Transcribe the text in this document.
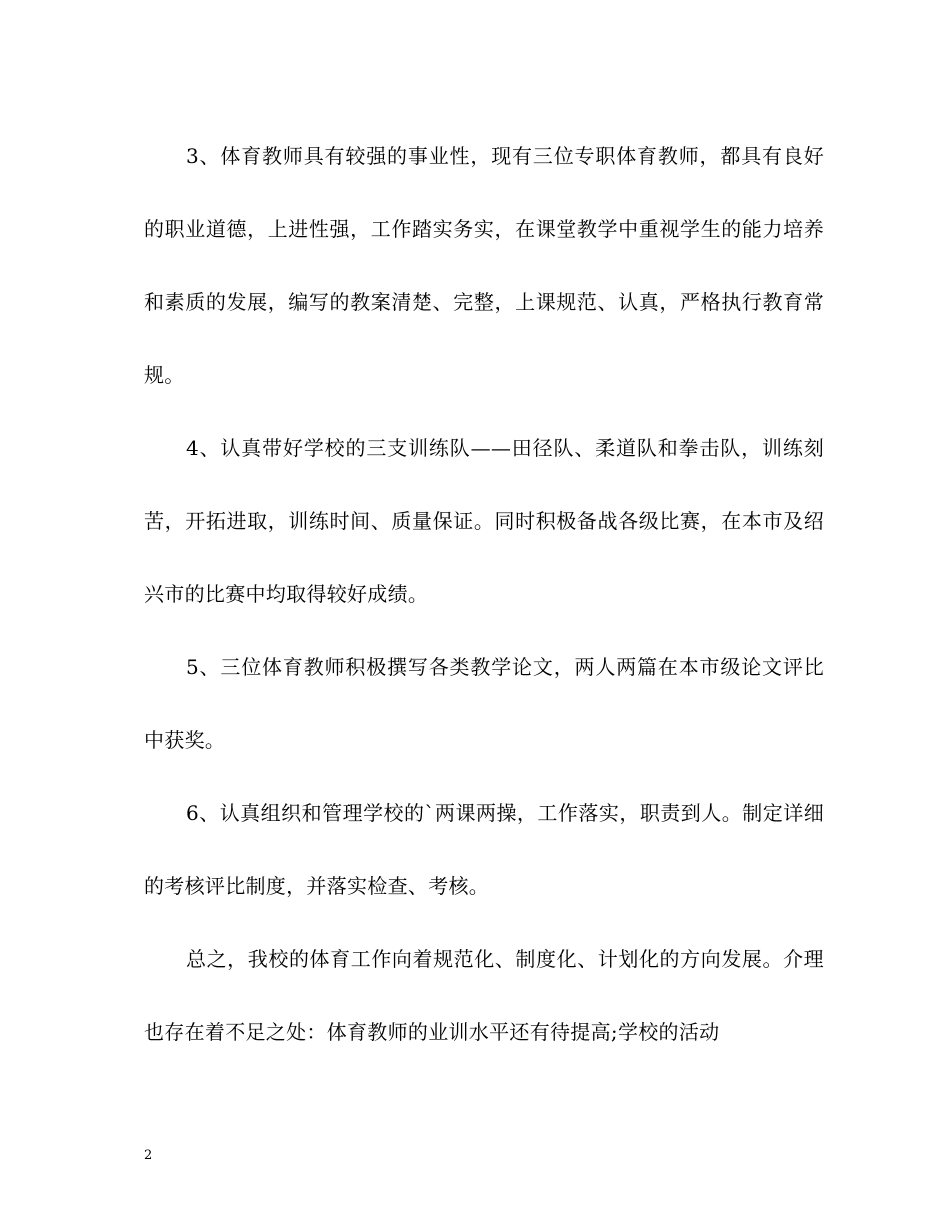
3、体育教师具有较强的事业性，现有三位专职体育教师，都具有良好的职业道德，上进性强，工作踏实务实，在课堂教学中重视学生的能力培养和素质的发展，编写的教案清楚、完整，上课规范、认真，严格执行教育常规。

4、认真带好学校的三支训练队——田径队、柔道队和拳击队，训练刻苦，开拓进取，训练时间、质量保证。同时积极备战各级比赛，在本市及绍兴市的比赛中均取得较好成绩。

5、三位体育教师积极撰写各类教学论文，两人两篇在本市级论文评比中获奖。

6、认真组织和管理学校的`两课两操，工作落实，职责到人。制定详细的考核评比制度，并落实检查、考核。

总之，我校的体育工作向着规范化、制度化、计划化的方向发展。介理也存在着不足之处：体育教师的业训水平还有待提高;学校的活动

2
